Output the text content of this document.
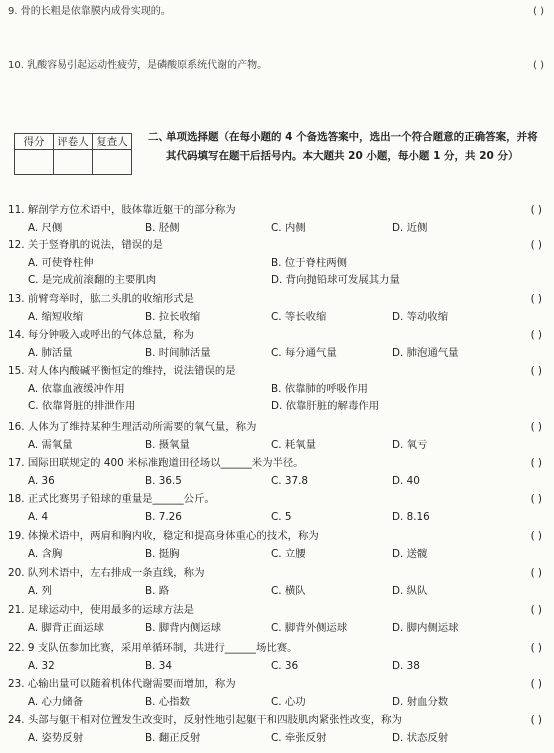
9. 骨的长粗是依靠膜内成骨实现的。	( )
10. 乳酸容易引起运动性疲劳，是磷酸原系统代谢的产物。	( )
得分	评卷人	复查人
		二、
单项选择题（在每小题的 4 个备选答案中，选出一个符合题意的正确答案，并将其代码填写在题干后括号内。本大题共 20 小题，每小题 1 分，共 20 分）
11. 解剖学方位术语中，肢体靠近躯干的部分称为	( )
A. 尺侧	B. 胫侧	C. 内侧	D. 近侧
12. 关于竖脊肌的说法，错误的是	( )
A. 可使脊柱伸	B. 位于脊柱两侧
C. 是完成前滚翻的主要肌肉	D. 背向抛铅球可发展其力量
13. 前臂弯举时，肱二头肌的收缩形式是	( )
A. 缩短收缩	B. 拉长收缩	C. 等长收缩	D. 等动收缩
14. 每分钟吸入或呼出的气体总量，称为	( )
A. 肺活量	B. 时间肺活量	C. 每分通气量	D. 肺泡通气量
15. 对人体内酸碱平衡恒定的维持，说法错误的是	( )
A. 依靠血液缓冲作用	B. 依靠肺的呼吸作用
C. 依靠肾脏的排泄作用	D. 依靠肝脏的解毒作用
16. 人体为了维持某种生理活动所需要的氧气量，称为	( )
A. 需氧量	B. 摄氧量	C. 耗氧量	D. 氧亏
17. 国际田联规定的 400 米标准跑道田径场以______米为半径。	( )
A. 36	B. 36.5	C. 37.8	D. 40
18. 正式比赛男子铅球的重量是______公斤。	( )
A. 4	B. 7.26	C. 5	D. 8.16
19. 体操术语中，两肩和胸内收，稳定和提高身体重心的技术，称为	( )
A. 含胸	B. 挺胸	C. 立腰	D. 送髋
20. 队列术语中，左右排成一条直线，称为	( )
A. 列	B. 路	C. 横队	D. 纵队
21. 足球运动中，使用最多的运球方法是	( )
A. 脚背正面运球	B. 脚背内侧运球	C. 脚背外侧运球	D. 脚内侧运球
22. 9 支队伍参加比赛，采用单循环制，共进行______场比赛。	( )
A. 32	B. 34	C. 36	D. 38
23. 心输出量可以随着机体代谢需要而增加，称为	( )
A. 心力储备	B. 心指数	C. 心功	D. 射血分数
24. 头部与躯干相对位置发生改变时，反射性地引起躯干和四肢肌肉紧张性改变，称为	( )
A. 姿势反射	B. 翻正反射	C. 牵张反射	D. 状态反射
